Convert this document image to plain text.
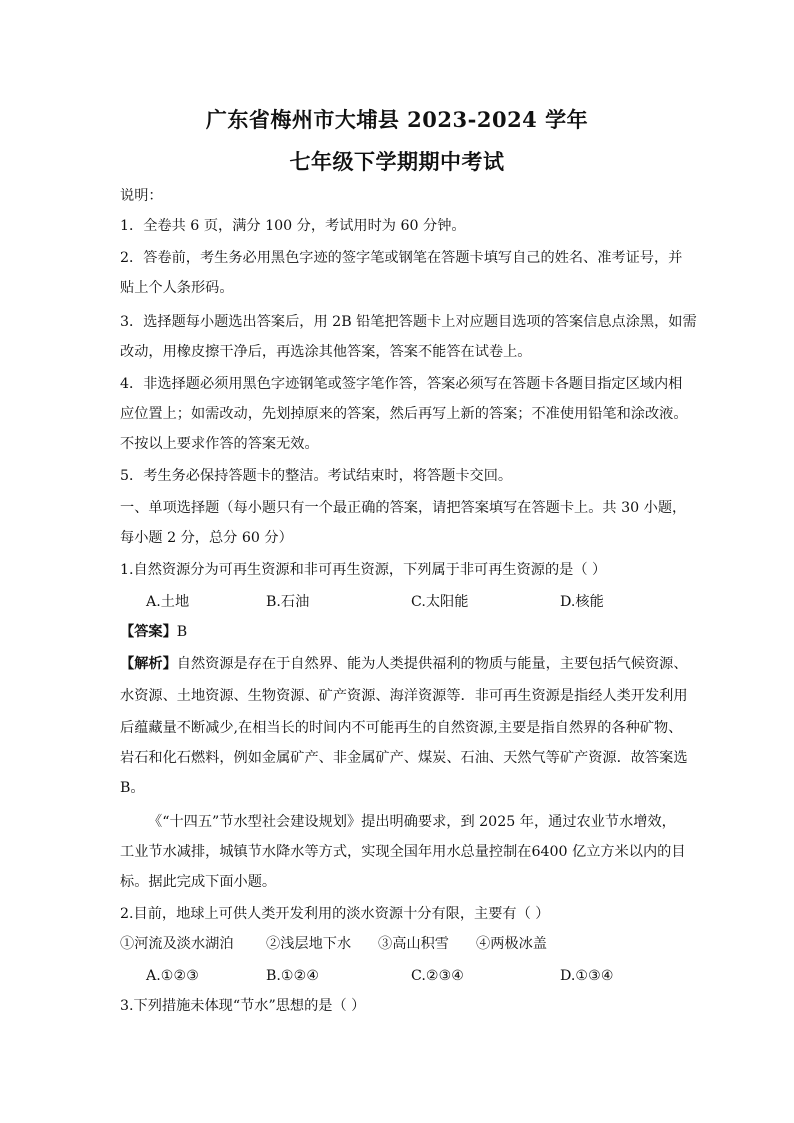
广东省梅州市大埔县 2023-2024 学年
七年级下学期期中考试
说明：
1．全卷共 6 页，满分 100 分，考试用时为 60 分钟。
2．答卷前，考生务必用黑色字迹的签字笔或钢笔在答题卡填写自己的姓名、准考证号，并
贴上个人条形码。
3．选择题每小题选出答案后，用 2B 铅笔把答题卡上对应题目选项的答案信息点涂黑，如需
改动，用橡皮擦干净后，再选涂其他答案，答案不能答在试卷上。
4．非选择题必须用黑色字迹钢笔或签字笔作答，答案必须写在答题卡各题目指定区域内相
应位置上；如需改动，先划掉原来的答案，然后再写上新的答案；不准使用铅笔和涂改液。
不按以上要求作答的答案无效。
5．考生务必保持答题卡的整洁。考试结束时，将答题卡交回。
一、单项选择题（每小题只有一个最正确的答案，请把答案填写在答题卡上。共 30 小题，
每小题 2 分，总分 60 分）
1.自然资源分为可再生资源和非可再生资源，下列属于非可再生资源的是（ ）
A.土地	B.石油	C.太阳能	D.核能
【答案】B
【解析】自然资源是存在于自然界、能为人类提供福利的物质与能量，主要包括气候资源、
水资源、土地资源、生物资源、矿产资源、海洋资源等．非可再生资源是指经人类开发利用
后蕴藏量不断减少,在相当长的时间内不可能再生的自然资源,主要是指自然界的各种矿物、
岩石和化石燃料，例如金属矿产、非金属矿产、煤炭、石油、天然气等矿产资源．故答案选
B。
《“十四五”节水型社会建设规划》提出明确要求，到 2025 年，通过农业节水增效，
工业节水减排，城镇节水降水等方式，实现全国年用水总量控制在6400 亿立方米以内的目
标。据此完成下面小题。
2.目前，地球上可供人类开发利用的淡水资源十分有限，主要有（ ）
①河流及淡水湖泊 ②浅层地下水 ③高山积雪 ④两极冰盖
A.①②③	B.①②④	C.②③④	D.①③④
3.下列措施未体现“节水”思想的是（ ）
